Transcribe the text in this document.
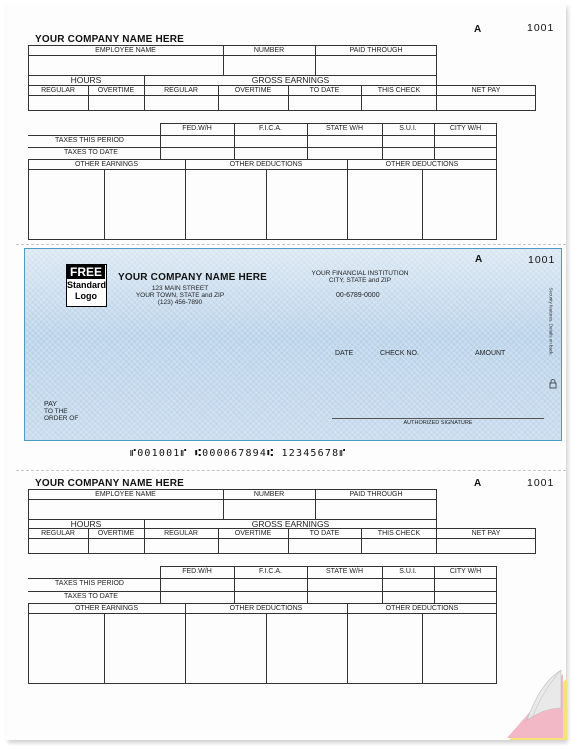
YOUR COMPANY NAME HERE
A	1001
EMPLOYEE NAME	NUMBER	PAID THROUGH
HOURS	GROSS EARNINGS
REGULAR	OVERTIME	REGULAR	OVERTIME	TO DATE	THIS CHECK	NET PAY
FED.W/H	F.I.C.A.	STATE W/H	S.U.I.	CITY W/H
TAXES THIS PERIOD
TAXES TO DATE
OTHER EARNINGS	OTHER DEDUCTIONS	OTHER DEDUCTIONS
FREE
Standard
Logo
YOUR COMPANY NAME HERE
123 MAIN STREET
YOUR TOWN, STATE and ZIP
(123) 456-7890
YOUR FINANCIAL INSTITUTION
CITY, STATE and ZIP
00-6789-0000
A	1001
DATE	CHECK NO.	AMOUNT
PAY
TO THE
ORDER OF
AUTHORIZED SIGNATURE
Security features. Details on back.
⑈001001⑈ ⑆000067894⑆ 12345678⑈
YOUR COMPANY NAME HERE	A	1001
EMPLOYEE NAME	NUMBER	PAID THROUGH
HOURS	GROSS EARNINGS
REGULAR	OVERTIME	REGULAR	OVERTIME	TO DATE	THIS CHECK	NET PAY
FED.W/H	F.I.C.A.	STATE W/H	S.U.I.	CITY W/H
TAXES THIS PERIOD
TAXES TO DATE
OTHER EARNINGS	OTHER DEDUCTIONS	OTHER DEDUCTIONS
